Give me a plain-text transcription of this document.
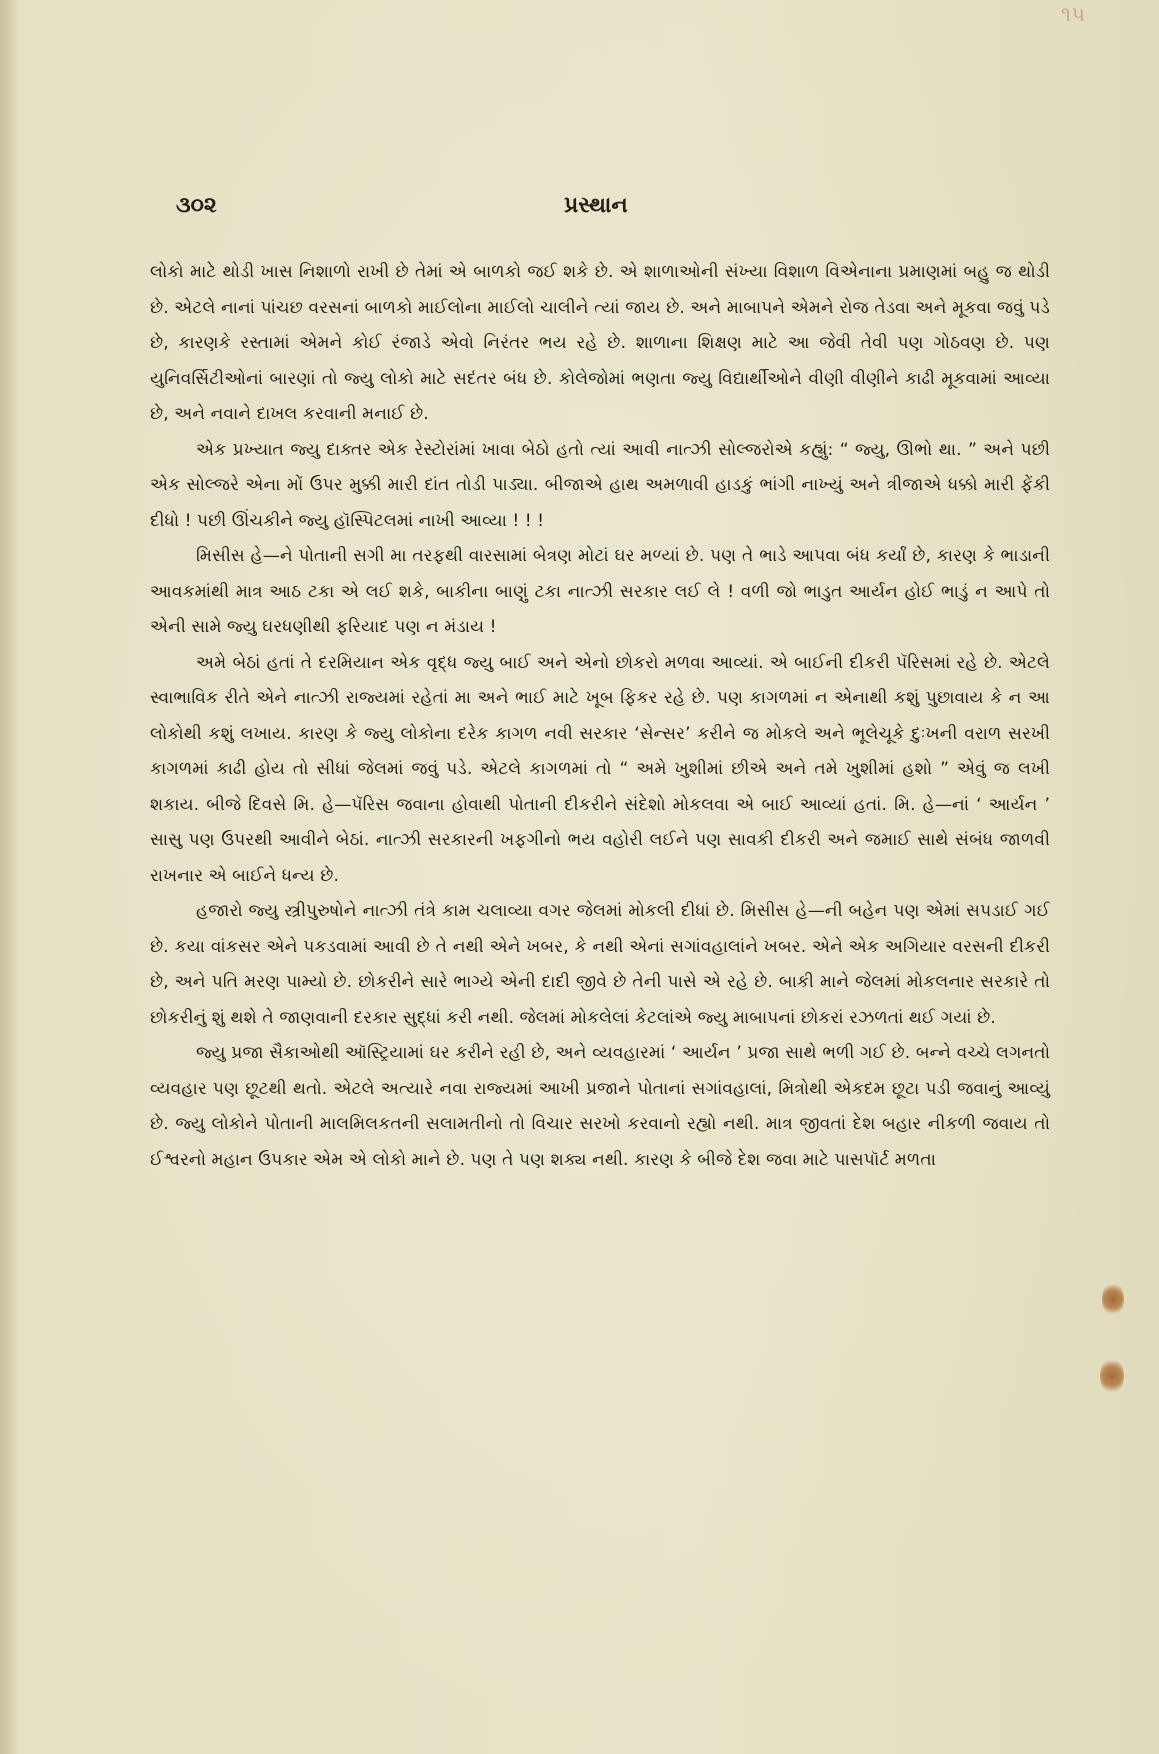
૧૫
૩૦૨	પ્રસ્થાન

લોકો માટે થોડી ખાસ નિશાળો રાખી છે તેમાં એ બાળકો જઈ શકે છે. એ શાળાઓની સંખ્યા વિશાળ વિએનાના પ્રમાણમાં બહુ જ થોડી છે. એટલે નાનાં પાંચછ વરસનાં બાળકો માઈલોના માઈલો ચાલીને ત્યાં જાય છે. અને માબાપને એમને રોજ તેડવા અને મૂકવા જવું પડે છે, કારણકે રસ્તામાં એમને કોઈ રંજાડે એવો નિરંતર ભય રહે છે. શાળાના શિક્ષણ માટે આ જેવી તેવી પણ ગોઠવણ છે. પણ યુનિવર્સિટીઓનાં બારણાં તો જ્યુ લોકો માટે સદંતર બંધ છે. કોલેજોમાં ભણતા જ્યુ વિદ્યાર્થીઓને વીણી વીણીને કાઢી મૂકવામાં આવ્યા છે, અને નવાને દાખલ કરવાની મનાઈ છે.

એક પ્રખ્યાત જ્યુ દાક્તર એક રેસ્ટોરાંમાં ખાવા બેઠો હતો ત્યાં આવી નાત્ઝી સોલ્જરોએ કહ્યું: “ જ્યુ, ઊભો થા. ” અને પછી એક સોલ્જરે એના મોં ઉપર મુક્કી મારી દાંત તોડી પાડ્યા. બીજાએ હાથ અમળાવી હાડકું ભાંગી નાખ્યું અને ત્રીજાએ ધક્કો મારી ફેંકી દીધો ! પછી ઊંચકીને જ્યુ હૉસ્પિટલમાં નાખી આવ્યા ! ! !

મિસીસ હે—ને પોતાની સગી મા તરફથી વારસામાં બેત્રણ મોટાં ઘર મળ્યાં છે. પણ તે ભાડે આપવા બંધ કર્યાં છે, કારણ કે ભાડાની આવકમાંથી માત્ર આઠ ટકા એ લઈ શકે, બાકીના બાણું ટકા નાત્ઝી સરકાર લઈ લે ! વળી જો ભાડુત આર્યન હોઈ ભાડું ન આપે તો એની સામે જ્યુ ઘરધણીથી ફરિયાદ પણ ન મંડાય !

અમે બેઠાં હતાં તે દરમિયાન એક વૃદ્ધ જ્યુ બાઈ અને એનો છોકરો મળવા આવ્યાં. એ બાઈની દીકરી પૅરિસમાં રહે છે. એટલે સ્વાભાવિક રીતે એને નાત્ઝી રાજ્યમાં રહેતાં મા અને ભાઈ માટે ખૂબ ફિકર રહે છે. પણ કાગળમાં ન એનાથી કશું પુછાવાય કે ન આ લોકોથી કશું લખાય. કારણ કે જ્યુ લોકોના દરેક કાગળ નવી સરકાર ‘સેન્સર’ કરીને જ મોકલે અને ભૂલેચૂકે દુઃખની વરાળ સરખી કાગળમાં કાઢી હોય તો સીધાં જેલમાં જવું પડે. એટલે કાગળમાં તો “ અમે ખુશીમાં છીએ અને તમે ખુશીમાં હશો ” એવું જ લખી શકાય. બીજે દિવસે મિ. હે—પૅરિસ જવાના હોવાથી પોતાની દીકરીને સંદેશો મોકલવા એ બાઈ આવ્યાં હતાં. મિ. હે—નાં ‘ આર્યન ’ સાસુ પણ ઉપરથી આવીને બેઠાં. નાત્ઝી સરકારની ખફગીનો ભય વહોરી લઈને પણ સાવકી દીકરી અને જમાઈ સાથે સંબંધ જાળવી રાખનાર એ બાઈને ધન્ય છે.

હજારો જ્યુ સ્ત્રીપુરુષોને નાત્ઝી તંત્રે કામ ચલાવ્યા વગર જેલમાં મોકલી દીધાં છે. મિસીસ હે—ની બહેન પણ એમાં સપડાઈ ગઈ છે. કયા વાંકસર એને પકડવામાં આવી છે તે નથી એને ખબર, કે નથી એનાં સગાંવહાલાંને ખબર. એને એક અગિયાર વરસની દીકરી છે, અને પતિ મરણ પામ્યો છે. છોકરીને સારે ભાગ્યે એની દાદી જીવે છે તેની પાસે એ રહે છે. બાકી માને જેલમાં મોકલનાર સરકારે તો છોકરીનું શું થશે તે જાણવાની દરકાર સુદ્ધાં કરી નથી. જેલમાં મોકલેલાં કેટલાંએ જ્યુ માબાપનાં છોકરાં રઝળતાં થઈ ગયાં છે.

જ્યુ પ્રજા સૈકાઓથી ઑસ્ટ્રિયામાં ઘર કરીને રહી છે, અને વ્યવહારમાં ‘ આર્યન ’ પ્રજા સાથે ભળી ગઈ છે. બન્ને વચ્ચે લગનતો વ્યવહાર પણ છૂટથી થતો. એટલે અત્યારે નવા રાજ્યમાં આખી પ્રજાને પોતાનાં સગાંવહાલાં, મિત્રોથી એકદમ છૂટા પડી જવાનું આવ્યું છે. જ્યુ લોકોને પોતાની માલમિલકતની સલામતીનો તો વિચાર સરખો કરવાનો રહ્યો નથી. માત્ર જીવતાં દેશ બહાર નીકળી જવાય તો ઈશ્વરનો મહાન ઉપકાર એમ એ લોકો માને છે. પણ તે પણ શક્ય નથી. કારણ કે બીજે દેશ જવા માટે પાસપૉર્ટ મળતા
